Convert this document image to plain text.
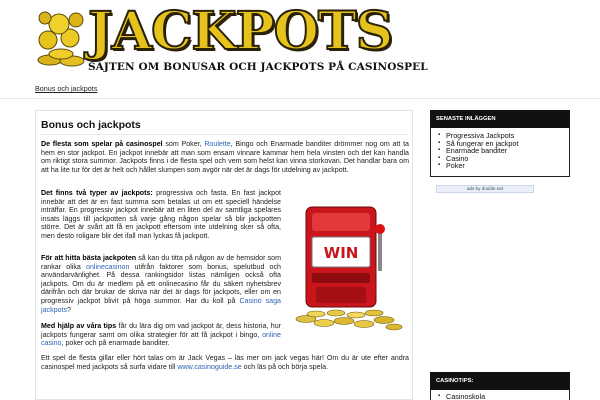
JACKPOTS
SAJTEN OM BONUSAR OCH JACKPOTS PÅ CASINOSPEL
Bonus och jackpots
Bonus och jackpots

De flesta som spelar på casinospel som Poker, Roulette, Bingo och Enarmade banditer drömmer nog om att ta hem en stor jackpot. En jackpot innebär att man som ensam vinnare kammar hem hela vinsten och det kan handla om riktigt stora summor. Jackpots finns i de flesta spel och vem som helst kan vinna storkovan. Det handlar bara om att ha lite tur för det är helt och hållet slumpen som avgör när det är dags för utdelning av jackpott.

Det finns två typer av jackpots: progressiva och fasta. En fast jackpot innebär att det är en fast summa som betalas ut om ett speciell händelse inträffar. En progressiv jackpot innebär att en liten del av samtliga spelares insats läggs till jackpotten så varje gång någon spelar så blir jackpotten större. Det är svårt att få en jackpott eftersom inte utdelning sker så ofta, men desto roligare blir det ifall man lyckas få jackpott.

För att hitta bästa jackpoten så kan du titta på någon av de hemsidor som rankar olika onlinecasinon utifrån faktorer som bonus, spelutbud och användarvänlighet. På dessa rankingsidor listas nämligen också ofta jackpots. Om du är medlem på ett onlinecasino får du säkert nyhetsbrev därifrån och där brukar de skriva när det är dags för jackpots, eller om en progressiv jackpot blivit på höga summor. Har du koll på Casino saga jackpots?

Med hjälp av våra tips får du lära dig om vad jackpot är, dess historia, hur jackpots fungerar samt om olika strategier för att få jackpot i bingo, online casino, poker och på enarmade banditer.

Ett spel de flesta gillar eller hört talas om är Jack Vegas – läs mer om jack vegas här! Om du är ute efter andra casinospel med jackpots så surfa vidare till www.casinoguide.se och läs på och börja spela.

WIN
SENASTE INLÄGGEN
▪ Progressiva Jackpots
▪ Så fungerar en jackpot
▪ Enarmade banditer
▪ Casino
▪ Poker
ads by double.net
CASINOTIPS:
▪ Casinoskola
